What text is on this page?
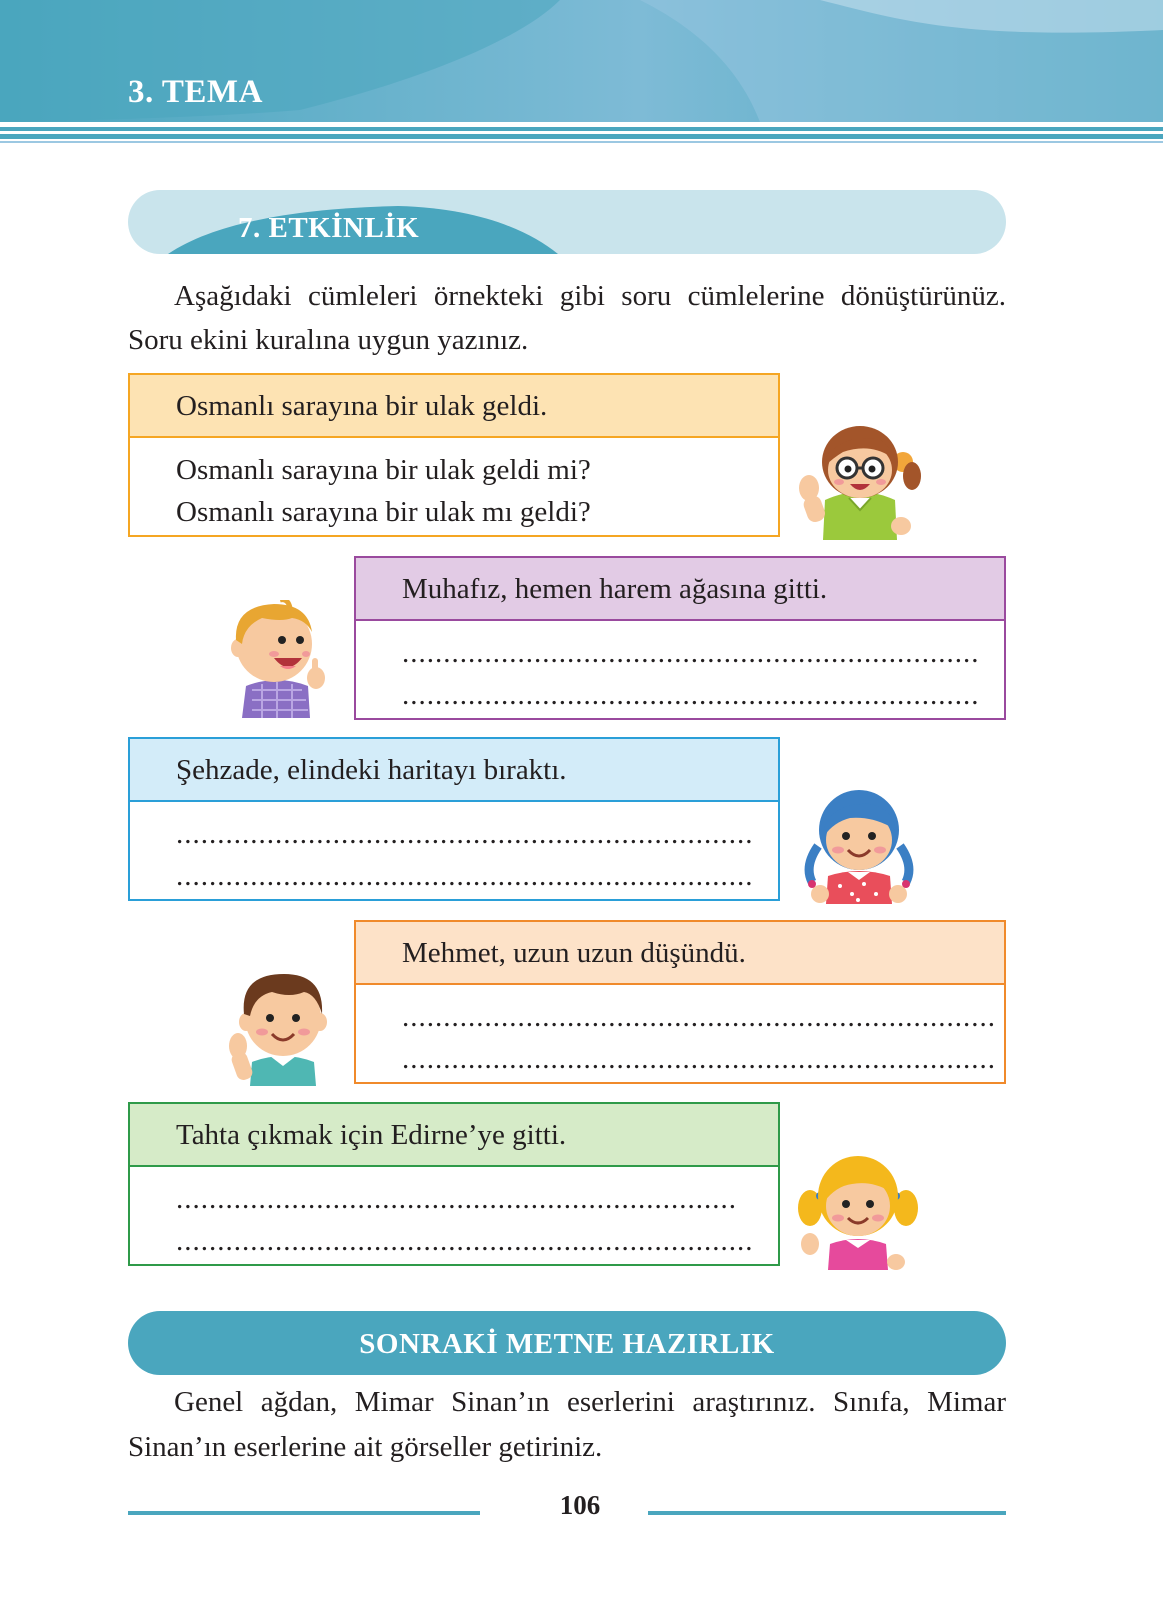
3. TEMA
7. ETKİNLİK
Aşağıdaki cümleleri örnekteki gibi soru cümlelerine dönüştürünüz. Soru ekini kuralına uygun yazınız.
Osmanlı sarayına bir ulak geldi.
Osmanlı sarayına bir ulak geldi mi?
Osmanlı sarayına bir ulak mı geldi?
Muhafız, hemen harem ağasına gitti.
......................................................................
......................................................................
Şehzade, elindeki haritayı bıraktı.
......................................................................
......................................................................
Mehmet, uzun uzun düşündü.
........................................................................
........................................................................
Tahta çıkmak için Edirne’ye gitti.
....................................................................
......................................................................
SONRAKİ METNE HAZIRLIK
Genel ağdan, Mimar Sinan’ın eserlerini araştırınız. Sınıfa, Mimar Sinan’ın eserlerine ait görseller getiriniz.
106
